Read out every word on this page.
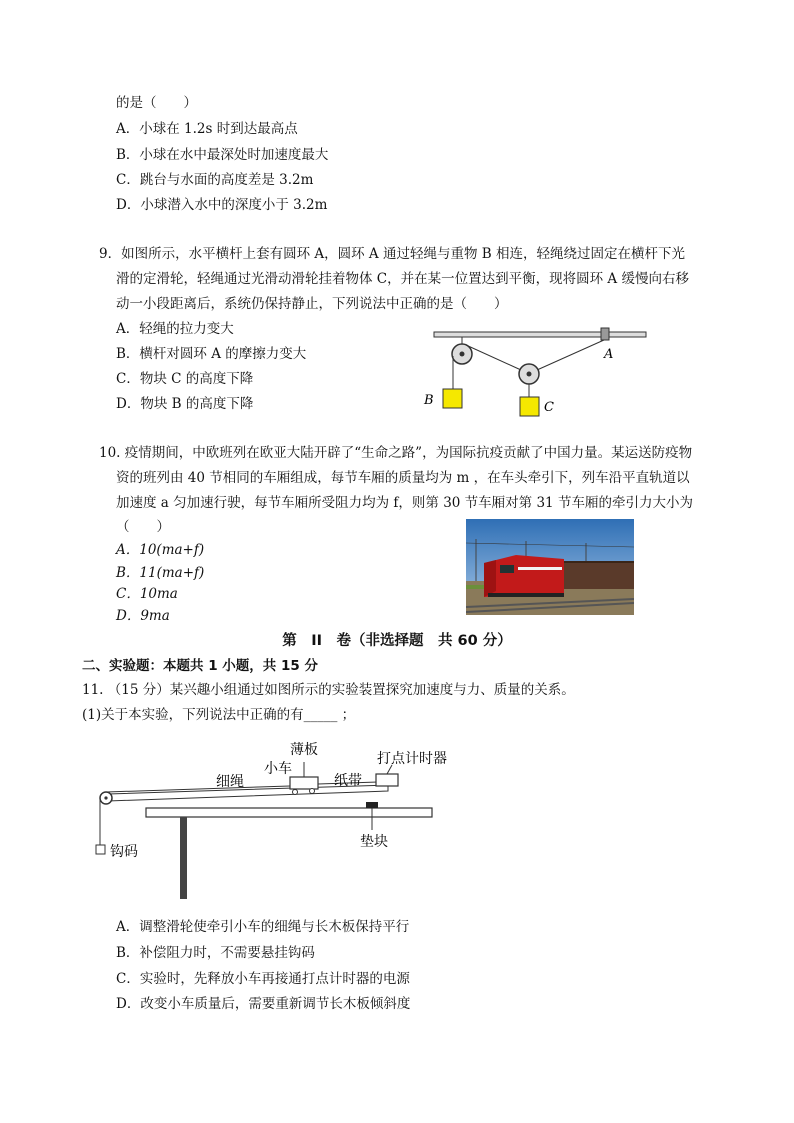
的是（　　）
A．小球在 1.2s 时到达最高点
B．小球在水中最深处时加速度最大
C．跳台与水面的高度差是 3.2m
D．小球潜入水中的深度小于 3.2m
9．如图所示，水平横杆上套有圆环 A，圆环 A 通过轻绳与重物 B 相连，轻绳绕过固定在横杆下光
滑的定滑轮，轻绳通过光滑动滑轮挂着物体 C，并在某一位置达到平衡，现将圆环 A 缓慢向右移
动一小段距离后，系统仍保持静止，下列说法中正确的是（　　）
A．轻绳的拉力变大
B．横杆对圆环 A 的摩擦力变大
C．物块 C 的高度下降
D．物块 B 的高度下降
A
B	C
10. 疫情期间，中欧班列在欧亚大陆开辟了“生命之路”，为国际抗疫贡献了中国力量。某运送防疫物
资的班列由 40 节相同的车厢组成，每节车厢的质量均为 m ，在车头牵引下，列车沿平直轨道以
加速度 a 匀加速行驶，每节车厢所受阻力均为 f，则第 30 节车厢对第 31 节车厢的牵引力大小为
（　　）
A．10(ma+f)
B．11(ma+f)
C．10ma
D．9ma
第　II　卷（非选择题　共 60 分）
二、实验题：本题共 1 小题，共 15 分
11. （15 分）某兴趣小组通过如图所示的实验装置探究加速度与力、质量的关系。
(1)关于本实验，下列说法中正确的有_____ ；
薄板
小车
细绳	纸带
打点计时器
垫块
钩码
A．调整滑轮使牵引小车的细绳与长木板保持平行
B．补偿阻力时，不需要悬挂钩码
C．实验时，先释放小车再接通打点计时器的电源
D．改变小车质量后，需要重新调节长木板倾斜度
